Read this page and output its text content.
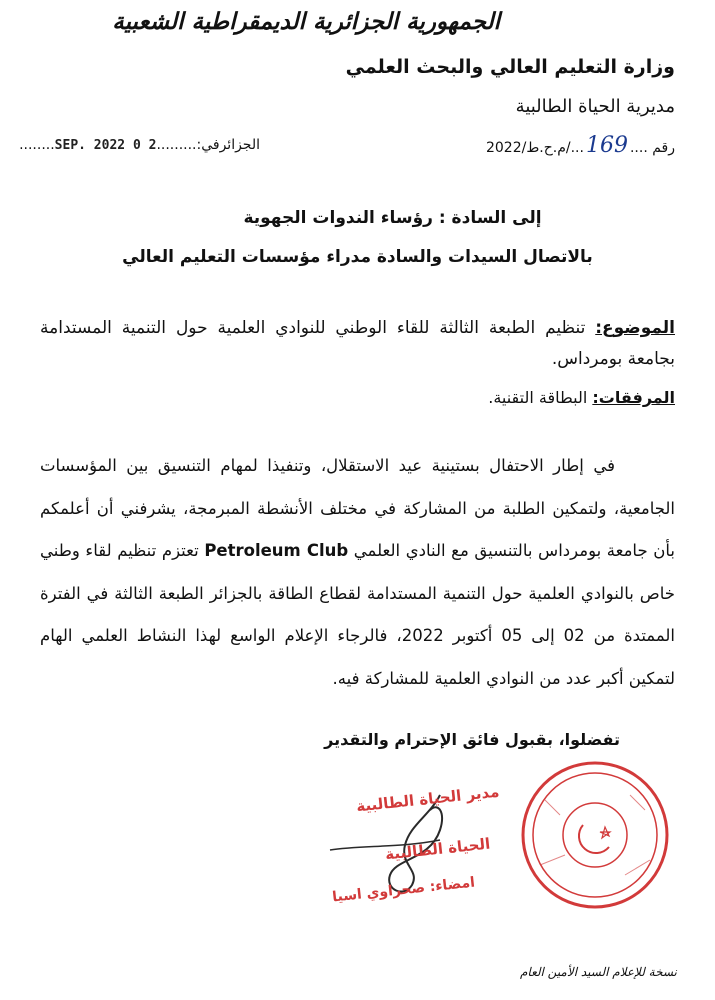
الجمهورية الجزائرية الديمقراطية الشعبية
وزارة التعليم العالي والبحث العلمي
مديرية الحياة الطالبية
رقم ....169.../م.ح.ط/2022
الجزائرفي:.........2 0 SEP. 2022........
إلى السادة : رؤساء الندوات الجهوية
بالاتصال السيدات والسادة مدراء مؤسسات التعليم العالي
الموضوع: تنظيم الطبعة الثالثة للقاء الوطني للنوادي العلمية حول التنمية المستدامة بجامعة بومرداس.
المرفقات: البطاقة التقنية.
في إطار الاحتفال بستينية عيد الاستقلال، وتنفيذا لمهام التنسيق بين المؤسسات الجامعية، ولتمكين الطلبة من المشاركة في مختلف الأنشطة المبرمجة، يشرفني أن أعلمكم بأن جامعة بومرداس بالتنسيق مع النادي العلمي Petroleum Club تعتزم تنظيم لقاء وطني خاص بالنوادي العلمية حول التنمية المستدامة لقطاع الطاقة بالجزائر الطبعة الثالثة في الفترة الممتدة من 02 إلى 05 أكتوبر 2022، فالرجاء الإعلام الواسع لهذا النشاط العلمي الهام لتمكين أكبر عدد من النوادي العلمية للمشاركة فيه.
تفضلوا، بقبول فائق الإحترام والتقدير
مدير الحياة الطالبية
الحياة الطالبية
امضاء: صحراوي اسيا
نسخة للإعلام السيد الأمين العام
